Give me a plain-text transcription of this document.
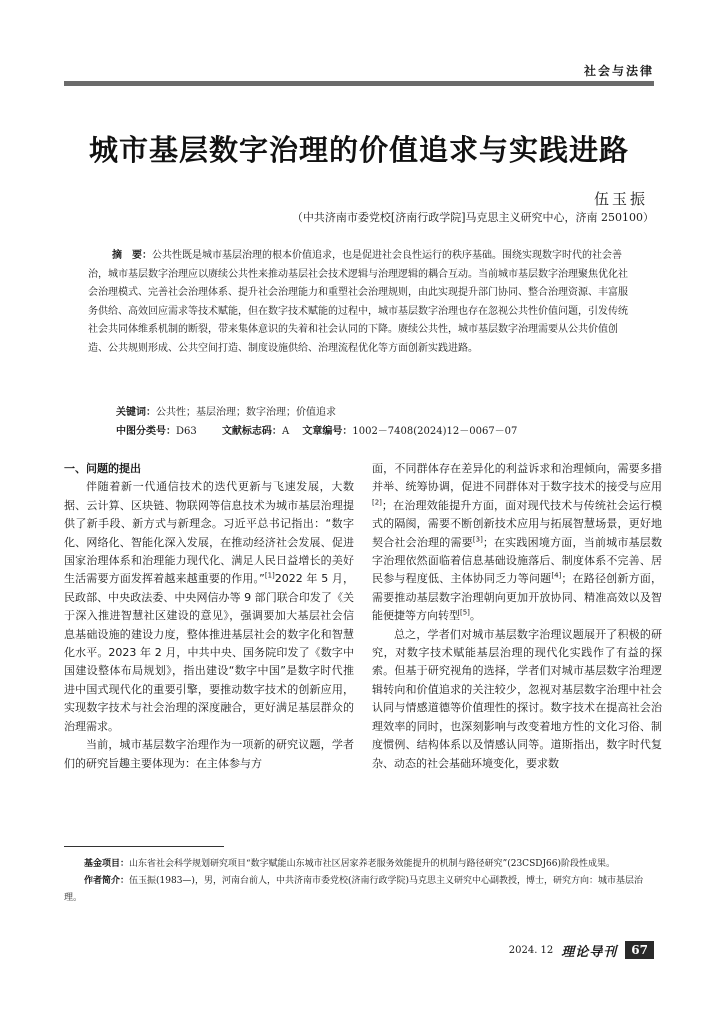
社会与法律
城市基层数字治理的价值追求与实践进路
伍玉振
（中共济南市委党校[济南行政学院]马克思主义研究中心，济南 250100）
摘　要：公共性既是城市基层治理的根本价值追求，也是促进社会良性运行的秩序基础。围绕实现数字时代的社会善治，城市基层数字治理应以赓续公共性来推动基层社会技术逻辑与治理逻辑的耦合互动。当前城市基层数字治理聚焦优化社会治理模式、完善社会治理体系、提升社会治理能力和重塑社会治理规则，由此实现提升部门协同、整合治理资源、丰富服务供给、高效回应需求等技术赋能，但在数字技术赋能的过程中，城市基层数字治理也存在忽视公共性价值问题，引发传统社会共同体维系机制的断裂，带来集体意识的失着和社会认同的下降。赓续公共性，城市基层数字治理需要从公共价值创造、公共规则形成、公共空间打造、制度设施供给、治理流程优化等方面创新实践进路。
关键词：公共性；基层治理；数字治理；价值追求
中图分类号：D63	文献标志码：A 文章编号：1002－7408(2024)12－0067－07
一、问题的提出

伴随着新一代通信技术的迭代更新与飞速发展，大数据、云计算、区块链、物联网等信息技术为城市基层治理提供了新手段、新方式与新理念。习近平总书记指出：“数字化、网络化、智能化深入发展，在推动经济社会发展、促进国家治理体系和治理能力现代化、满足人民日益增长的美好生活需要方面发挥着越来越重要的作用。”[1]2022 年 5 月，民政部、中央政法委、中央网信办等 9 部门联合印发了《关于深入推进智慧社区建设的意见》，强调要加大基层社会信息基础设施的建设力度，整体推进基层社会的数字化和智慧化水平。2023 年 2 月，中共中央、国务院印发了《数字中国建设整体布局规划》，指出建设“数字中国”是数字时代推进中国式现代化的重要引擎，要推动数字技术的创新应用，实现数字技术与社会治理的深度融合，更好满足基层群众的治理需求。

当前，城市基层数字治理作为一项新的研究议题，学者们的研究旨趣主要体现为：在主体参与方

面，不同群体存在差异化的利益诉求和治理倾向，需要多措并举、统筹协调，促进不同群体对于数字技术的接受与应用[2]；在治理效能提升方面，面对现代技术与传统社会运行模式的隔阂，需要不断创新技术应用与拓展智慧场景，更好地契合社会治理的需要[3]；在实践困境方面，当前城市基层数字治理依然面临着信息基础设施落后、制度体系不完善、居民参与程度低、主体协同乏力等问题[4]；在路径创新方面，需要推动基层数字治理朝向更加开放协同、精准高效以及智能便捷等方向转型[5]。

总之，学者们对城市基层数字治理议题展开了积极的研究，对数字技术赋能基层治理的现代化实践作了有益的探索。但基于研究视角的选择，学者们对城市基层数字治理逻辑转向和价值追求的关注较少，忽视对基层数字治理中社会认同与情感道德等价值理性的探讨。数字技术在提高社会治理效率的同时，也深刻影响与改变着地方性的文化习俗、制度惯例、结构体系以及情感认同等。道斯指出，数字时代复杂、动态的社会基础环境变化，要求数

基金项目：山东省社会科学规划研究项目“数字赋能山东城市社区居家养老服务效能提升的机制与路径研究”(23CSDJ66)阶段性成果。
作者简介：伍玉振(1983—)，男，河南台前人，中共济南市委党校(济南行政学院)马克思主义研究中心副教授，博士，研究方向：城市基层治理。
2024. 12 理论导刊	67
